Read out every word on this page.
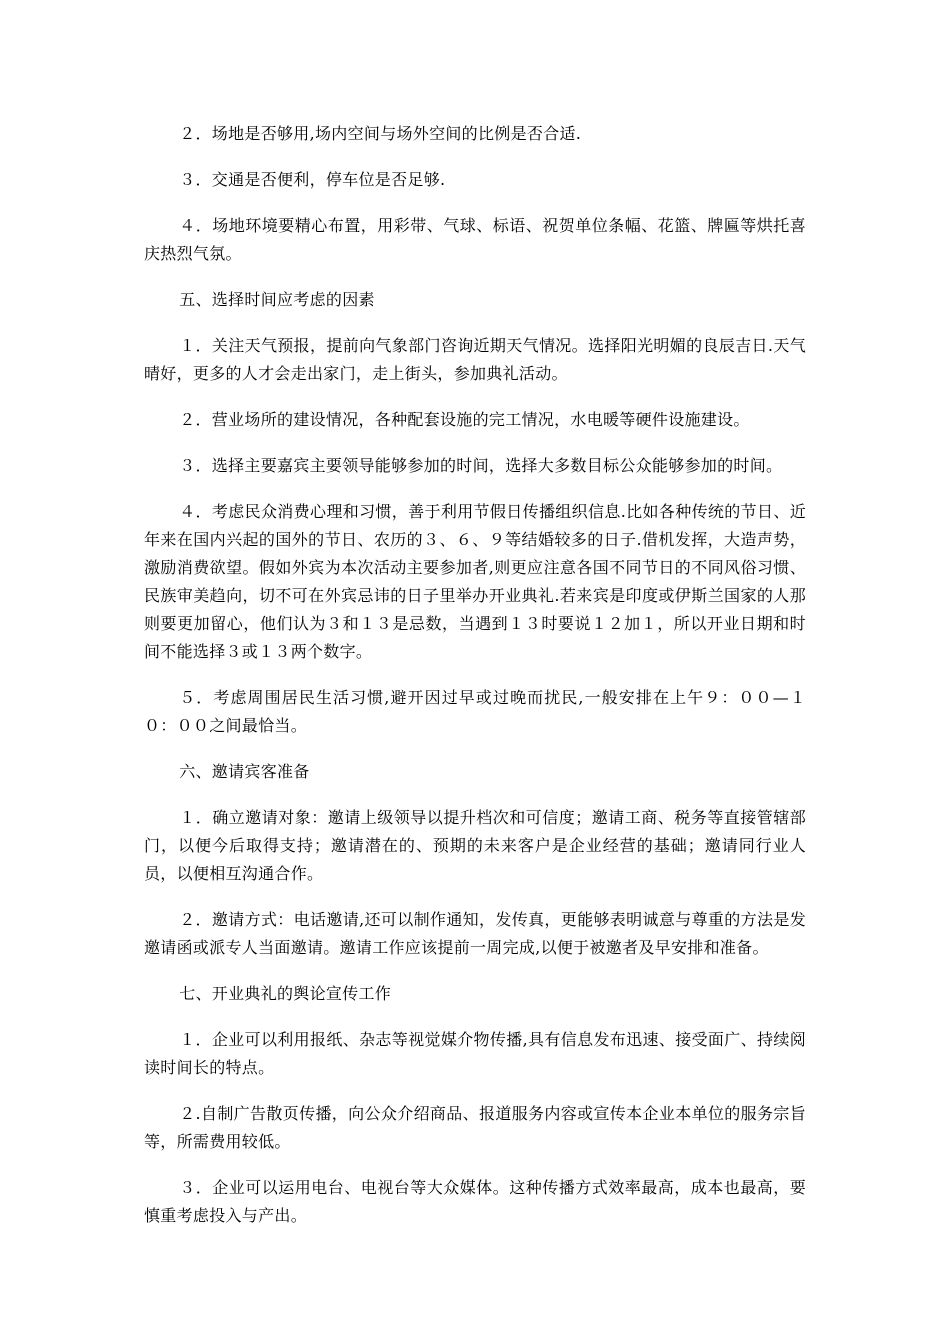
２．场地是否够用,场内空间与场外空间的比例是否合适.

３．交通是否便利，停车位是否足够.

４．场地环境要精心布置，用彩带、气球、标语、祝贺单位条幅、花篮、牌匾等烘托喜庆热烈气氛。

五、选择时间应考虑的因素

１．关注天气预报，提前向气象部门咨询近期天气情况。选择阳光明媚的良辰吉日.天气晴好，更多的人才会走出家门，走上街头，参加典礼活动。

２．营业场所的建设情况，各种配套设施的完工情况，水电暖等硬件设施建设。

３．选择主要嘉宾主要领导能够参加的时间，选择大多数目标公众能够参加的时间。

４．考虑民众消费心理和习惯，善于利用节假日传播组织信息.比如各种传统的节日、近年来在国内兴起的国外的节日、农历的３、６、９等结婚较多的日子.借机发挥，大造声势，激励消费欲望。假如外宾为本次活动主要参加者,则更应注意各国不同节日的不同风俗习惯、民族审美趋向，切不可在外宾忌讳的日子里举办开业典礼.若来宾是印度或伊斯兰国家的人那则要更加留心，他们认为３和１３是忌数，当遇到１３时要说１２加１，所以开业日期和时间不能选择３或１３两个数字。

５．考虑周围居民生活习惯,避开因过早或过晚而扰民,一般安排在上午９：００—１０：００之间最恰当。

六、邀请宾客准备

１．确立邀请对象：邀请上级领导以提升档次和可信度；邀请工商、税务等直接管辖部门，以便今后取得支持；邀请潜在的、预期的未来客户是企业经营的基础；邀请同行业人员，以便相互沟通合作。

２．邀请方式：电话邀请,还可以制作通知，发传真，更能够表明诚意与尊重的方法是发邀请函或派专人当面邀请。邀请工作应该提前一周完成,以便于被邀者及早安排和准备。

七、开业典礼的舆论宣传工作

１．企业可以利用报纸、杂志等视觉媒介物传播,具有信息发布迅速、接受面广、持续阅读时间长的特点。

２.自制广告散页传播，向公众介绍商品、报道服务内容或宣传本企业本单位的服务宗旨等，所需费用较低。

３．企业可以运用电台、电视台等大众媒体。这种传播方式效率最高，成本也最高，要慎重考虑投入与产出。
